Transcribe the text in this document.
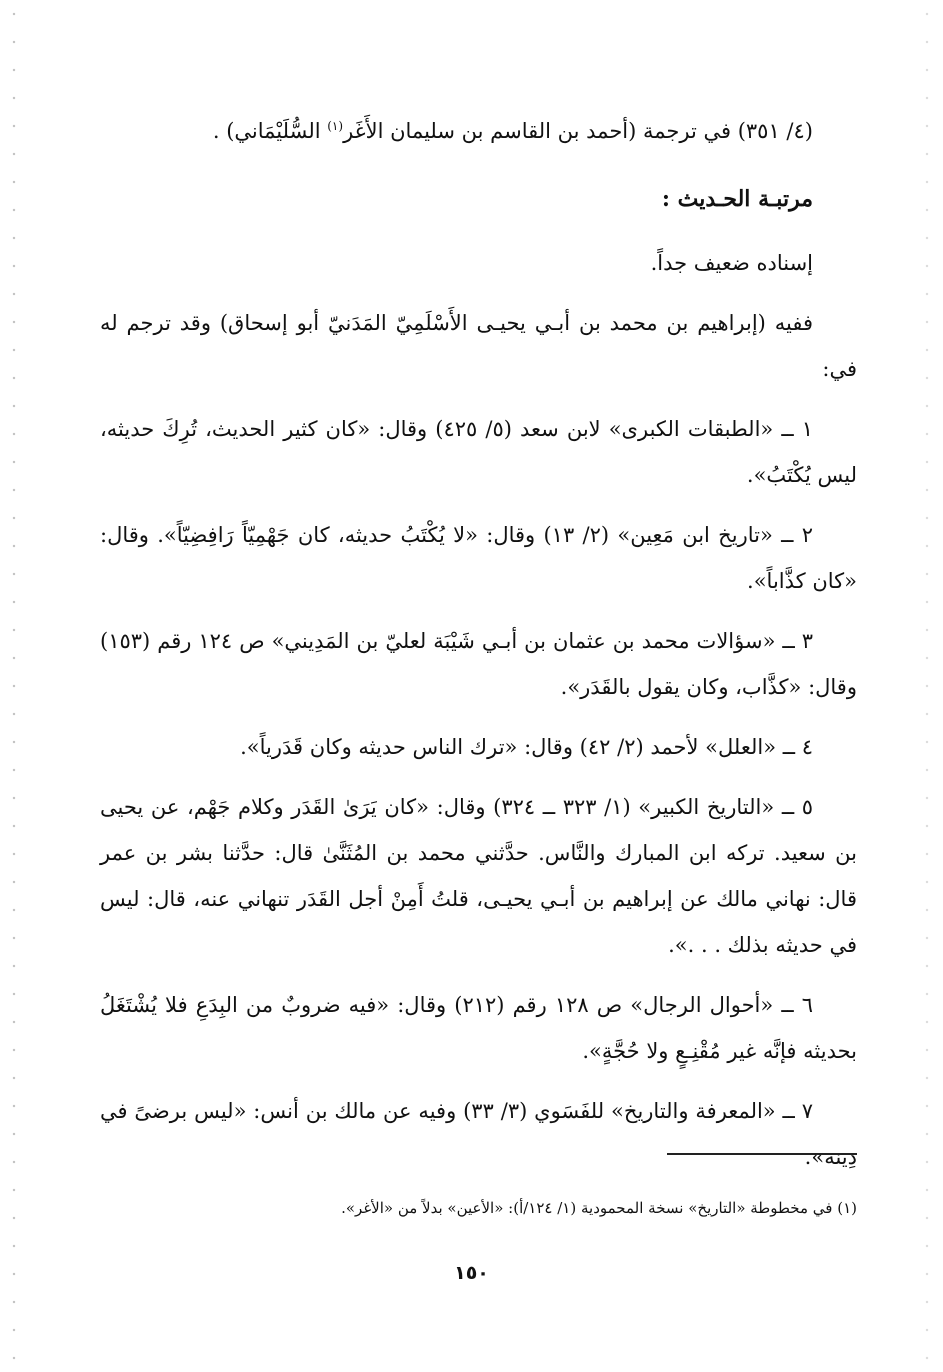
(٤/ ٣٥١) في ترجمة (أحمد بن القاسم بن سليمان الأَغَر$^{(١)}$ السُّلَيْمَاني) .

مرتبـة الحـديث :

إسناده ضعيف جداً.

ففيه (إبراهيم بن محمد بن أبـي يحيـى الأَسْلَمِيّ المَدَنيّ أبو إسحاق) وقد ترجم له في:

١ ــ «الطبقات الكبرى» لابن سعد (٥/ ٤٢٥) وقال: «كان كثير الحديث، تُرِكَ حديثه، ليس يُكْتَبُ».

٢ ــ «تاريخ ابن مَعِين» (٢/ ١٣) وقال: «لا يُكْتَبُ حديثه، كان جَهْمِيّاً رَافِضِيّاً». وقال: «كان كذَّاباً».

٣ ــ «سؤالات محمد بن عثمان بن أبـي شَيْبَة لعليّ بن المَدِيني» ص ١٢٤ رقم (١٥٣) وقال: «كذَّاب، وكان يقول بالقَدَر».

٤ ــ «العلل» لأحمد (٢/ ٤٢) وقال: «ترك الناس حديثه وكان قَدَرياً».

٥ ــ «التاريخ الكبير» (١/ ٣٢٣ ــ ٣٢٤) وقال: «كان يَرَىٰ القَدَر وكلام جَهْم، عن يحيى بن سعيد. تركه ابن المبارك والنَّاس. حدَّثني محمد بن المُثَنَّىٰ قال: حدَّثنا بشر بن عمر قال: نهاني مالك عن إبراهيم بن أبـي يحيـى، قلتُ أَمِنْ أجل القَدَر تنهاني عنه، قال: ليس في حديثه بذلك . . .».

٦ ــ «أحوال الرجال» ص ١٢٨ رقم (٢١٢) وقال: «فيه ضروبٌ من البِدَعِ فلا يُشْتَغَلُ بحديثه فإنَّه غير مُقْنِـعٍ ولا حُجَّةٍ».

٧ ــ «المعرفة والتاريخ» للفَسَوي (٣/ ٣٣) وفيه عن مالك بن أنس: «ليس برضىً في دِينه».

(١) في مخطوطة «التاريخ» نسخة المحمودية (١/ ١٢٤/أ): «الأعين» بدلاً من «الأغر».
١٥٠
